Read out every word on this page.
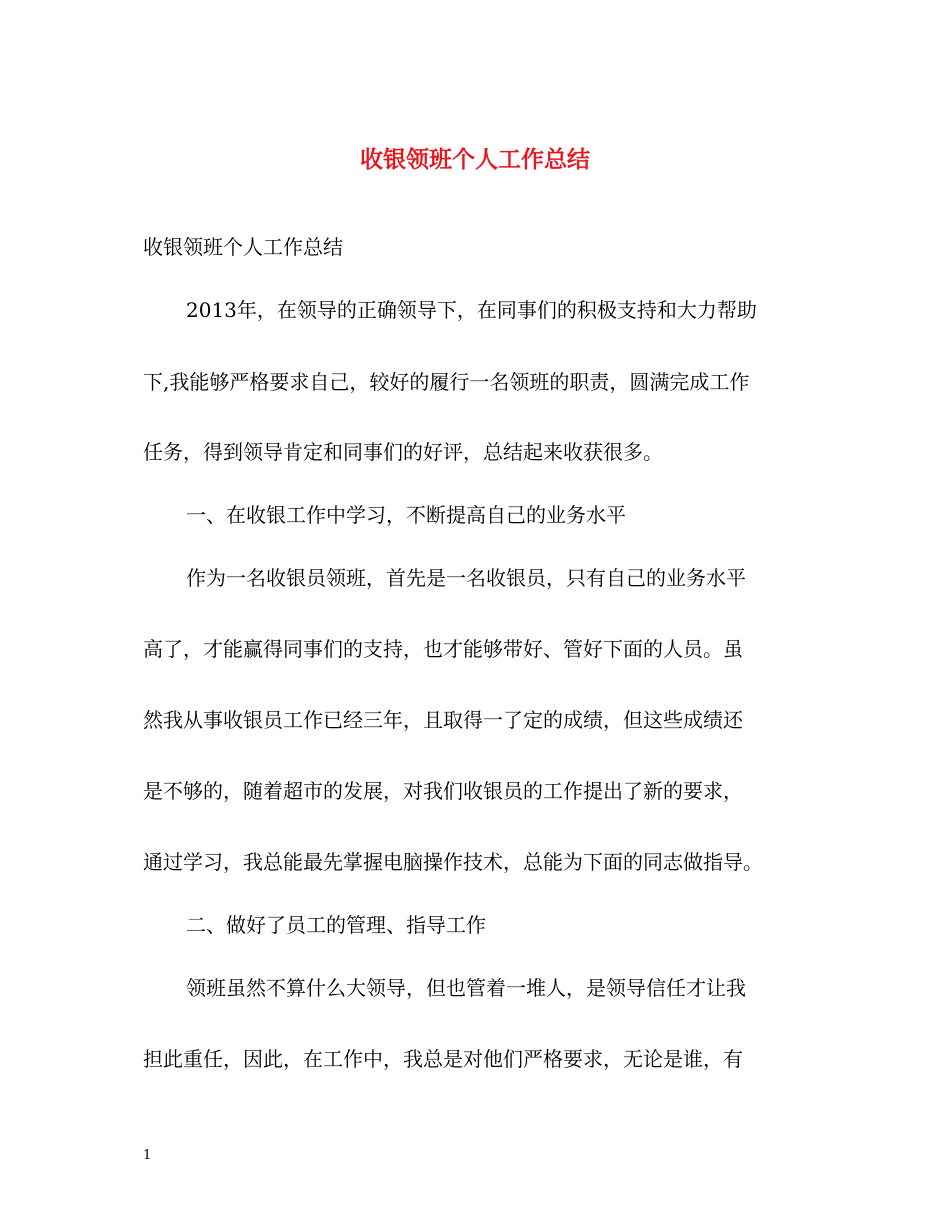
收银领班个人工作总结
收银领班个人工作总结
2013年，在领导的正确领导下，在同事们的积极支持和大力帮助
下,我能够严格要求自己，较好的履行一名领班的职责，圆满完成工作
任务，得到领导肯定和同事们的好评，总结起来收获很多。
一、在收银工作中学习，不断提高自己的业务水平
作为一名收银员领班，首先是一名收银员，只有自己的业务水平
高了，才能赢得同事们的支持，也才能够带好、管好下面的人员。虽
然我从事收银员工作已经三年，且取得一了定的成绩，但这些成绩还
是不够的，随着超市的发展，对我们收银员的工作提出了新的要求，
通过学习，我总能最先掌握电脑操作技术，总能为下面的同志做指导。
二、做好了员工的管理、指导工作
领班虽然不算什么大领导，但也管着一堆人，是领导信任才让我
担此重任，因此，在工作中，我总是对他们严格要求，无论是谁，有
1
